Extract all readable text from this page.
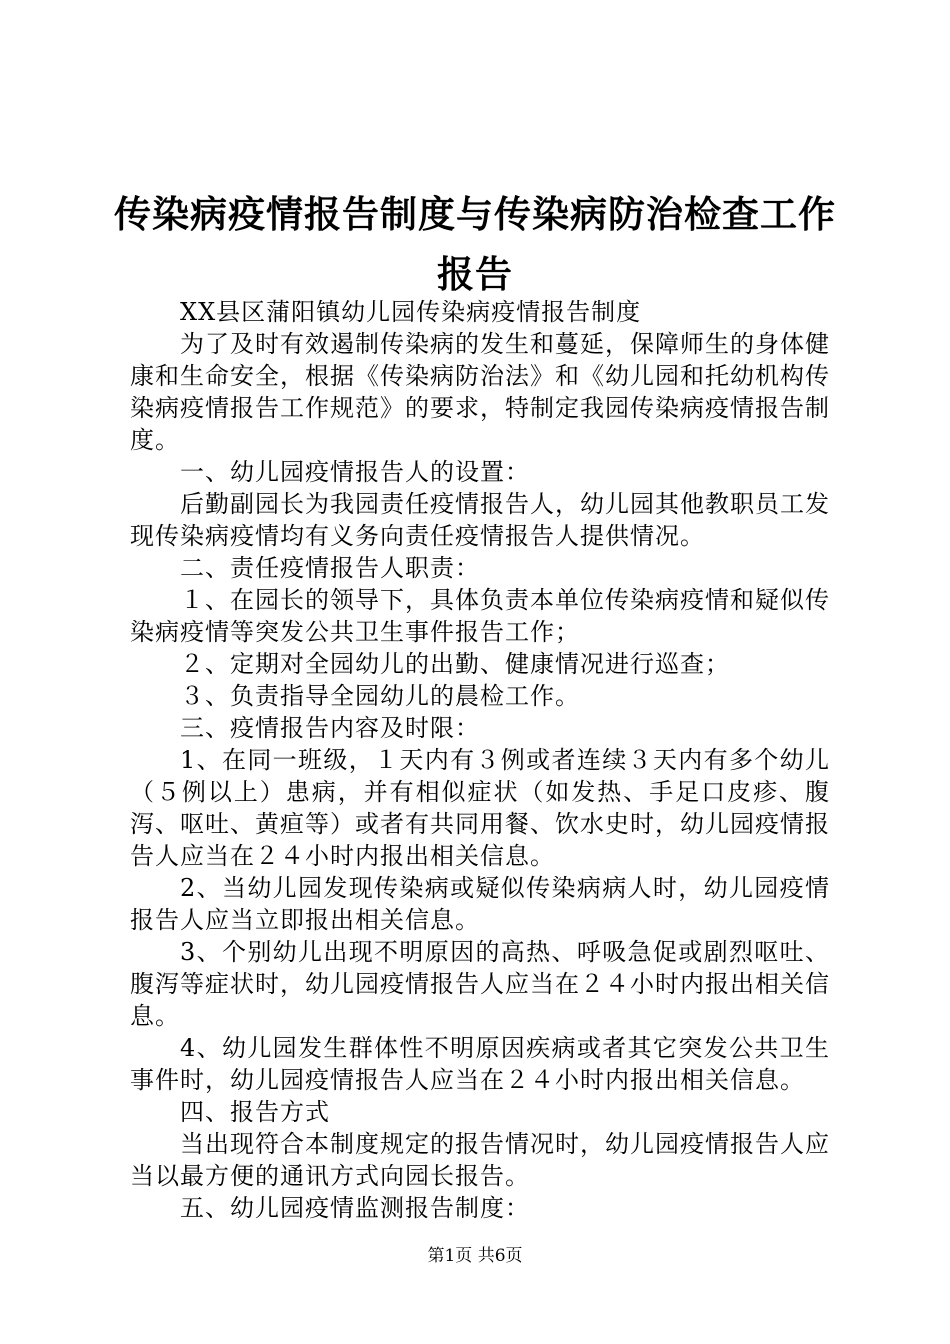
传染病疫情报告制度与传染病防治检查工作报告

XX县区蒲阳镇幼儿园传染病疫情报告制度

为了及时有效遏制传染病的发生和蔓延，保障师生的身体健康和生命安全，根据《传染病防治法》和《幼儿园和托幼机构传染病疫情报告工作规范》的要求，特制定我园传染病疫情报告制度。

一、幼儿园疫情报告人的设置：

后勤副园长为我园责任疫情报告人，幼儿园其他教职员工发现传染病疫情均有义务向责任疫情报告人提供情况。

二、责任疫情报告人职责：

１、在园长的领导下，具体负责本单位传染病疫情和疑似传染病疫情等突发公共卫生事件报告工作；

２、定期对全园幼儿的出勤、健康情况进行巡查；

３、负责指导全园幼儿的晨检工作。

三、疫情报告内容及时限：

1、在同一班级，１天内有３例或者连续３天内有多个幼儿（５例以上）患病，并有相似症状（如发热、手足口皮疹、腹泻、呕吐、黄疸等）或者有共同用餐、饮水史时，幼儿园疫情报告人应当在２４小时内报出相关信息。

2、当幼儿园发现传染病或疑似传染病病人时，幼儿园疫情报告人应当立即报出相关信息。

3、个别幼儿出现不明原因的高热、呼吸急促或剧烈呕吐、腹泻等症状时，幼儿园疫情报告人应当在２４小时内报出相关信息。

4、幼儿园发生群体性不明原因疾病或者其它突发公共卫生事件时，幼儿园疫情报告人应当在２４小时内报出相关信息。

四、报告方式

当出现符合本制度规定的报告情况时，幼儿园疫情报告人应当以最方便的通讯方式向园长报告。

五、幼儿园疫情监测报告制度：

第1页 共6页
